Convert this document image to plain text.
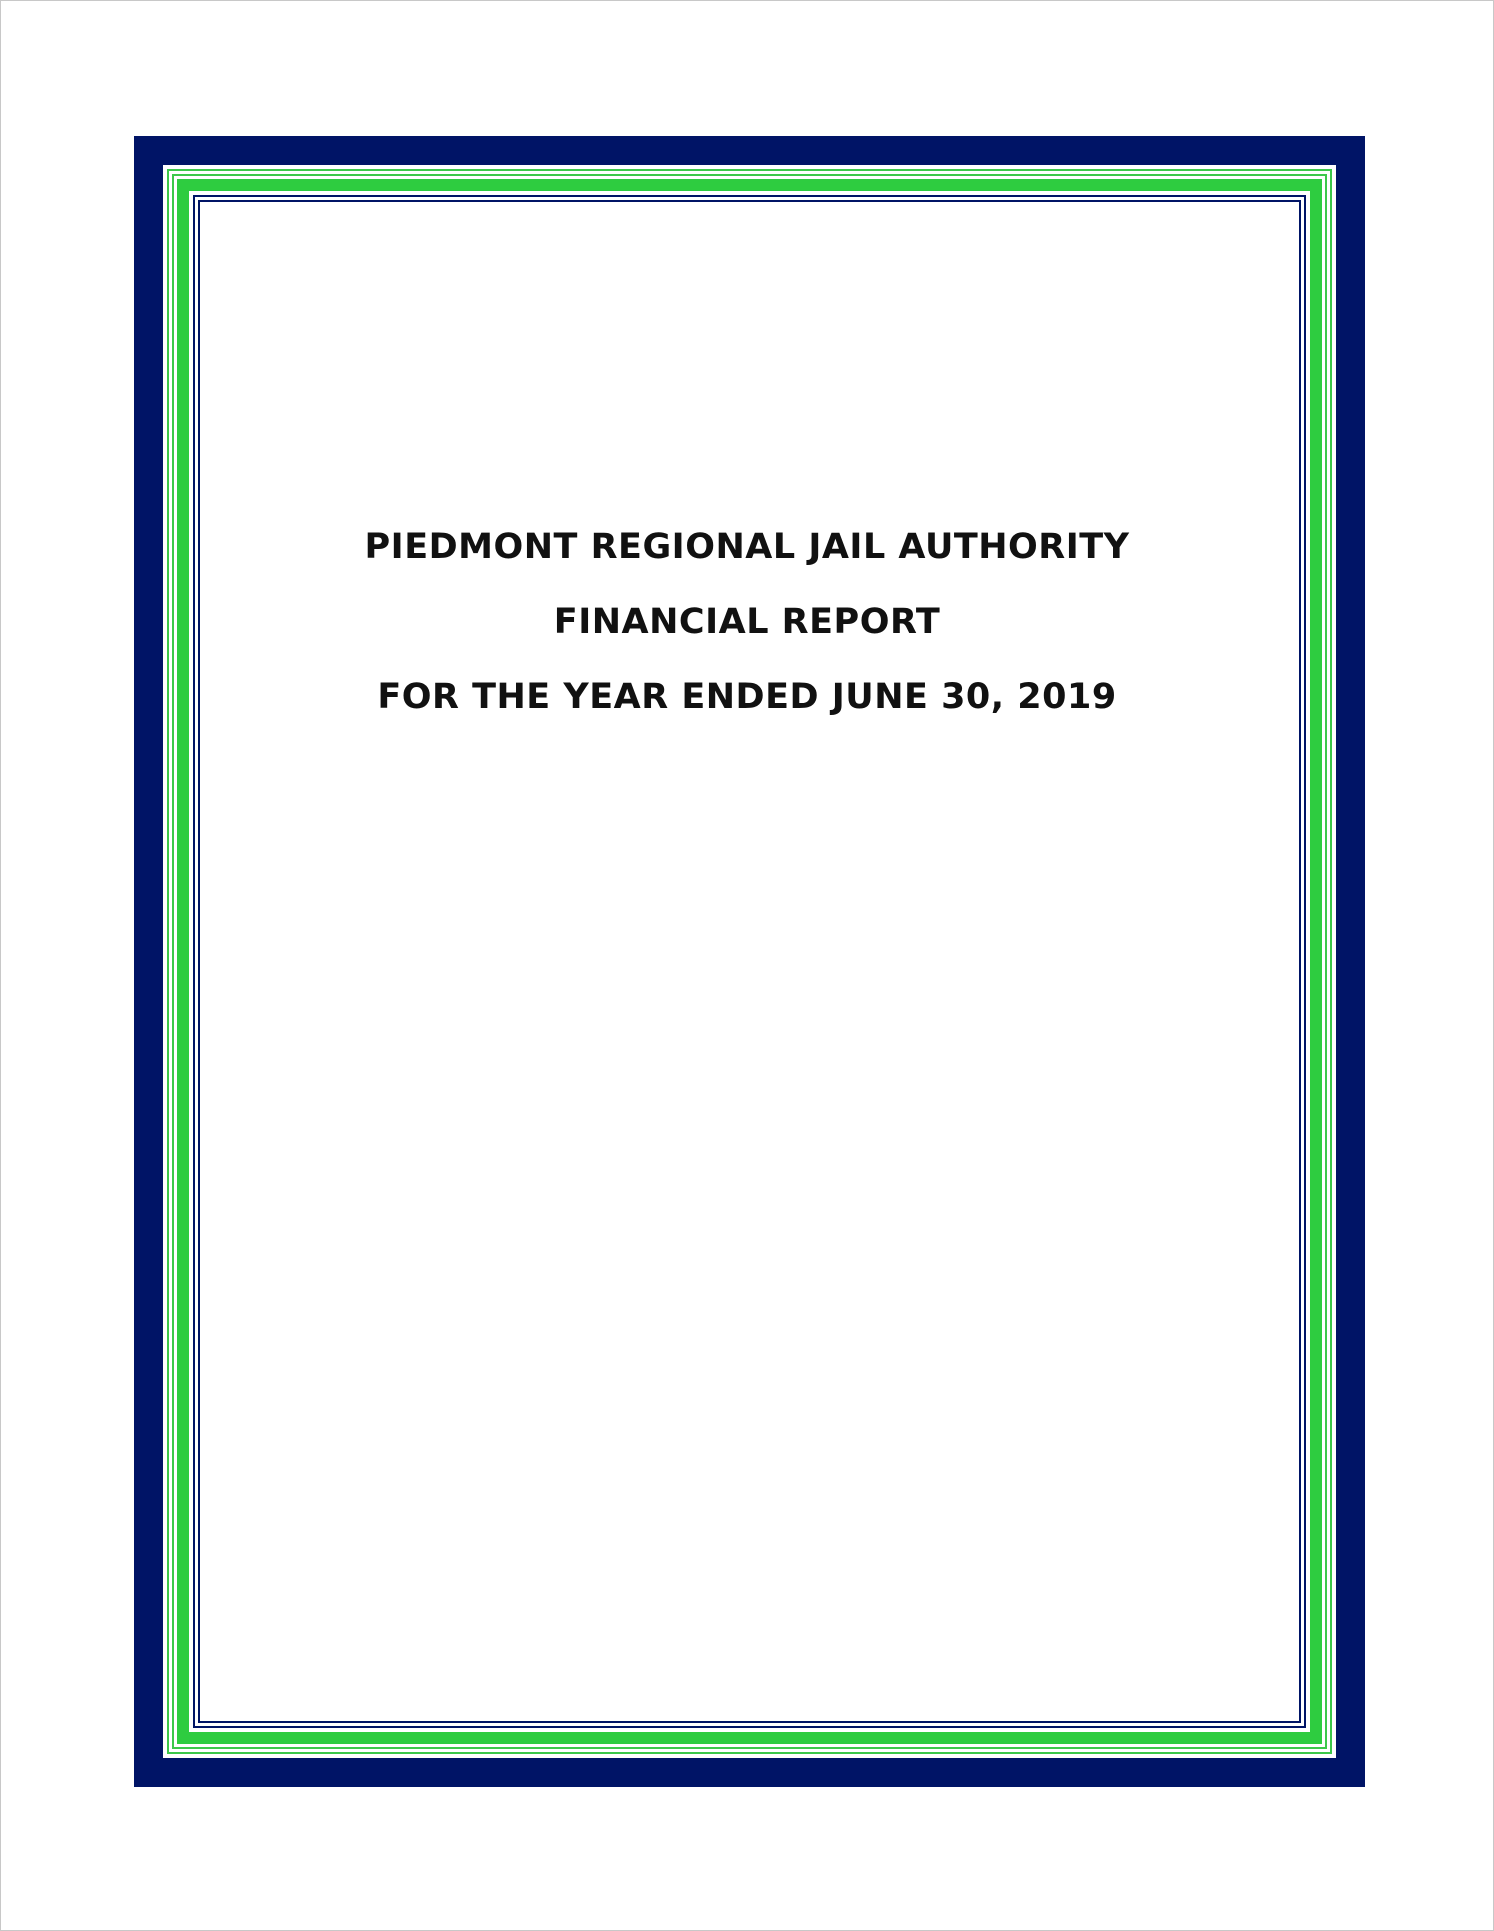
PIEDMONT REGIONAL JAIL AUTHORITY
FINANCIAL REPORT
FOR THE YEAR ENDED JUNE 30, 2019
